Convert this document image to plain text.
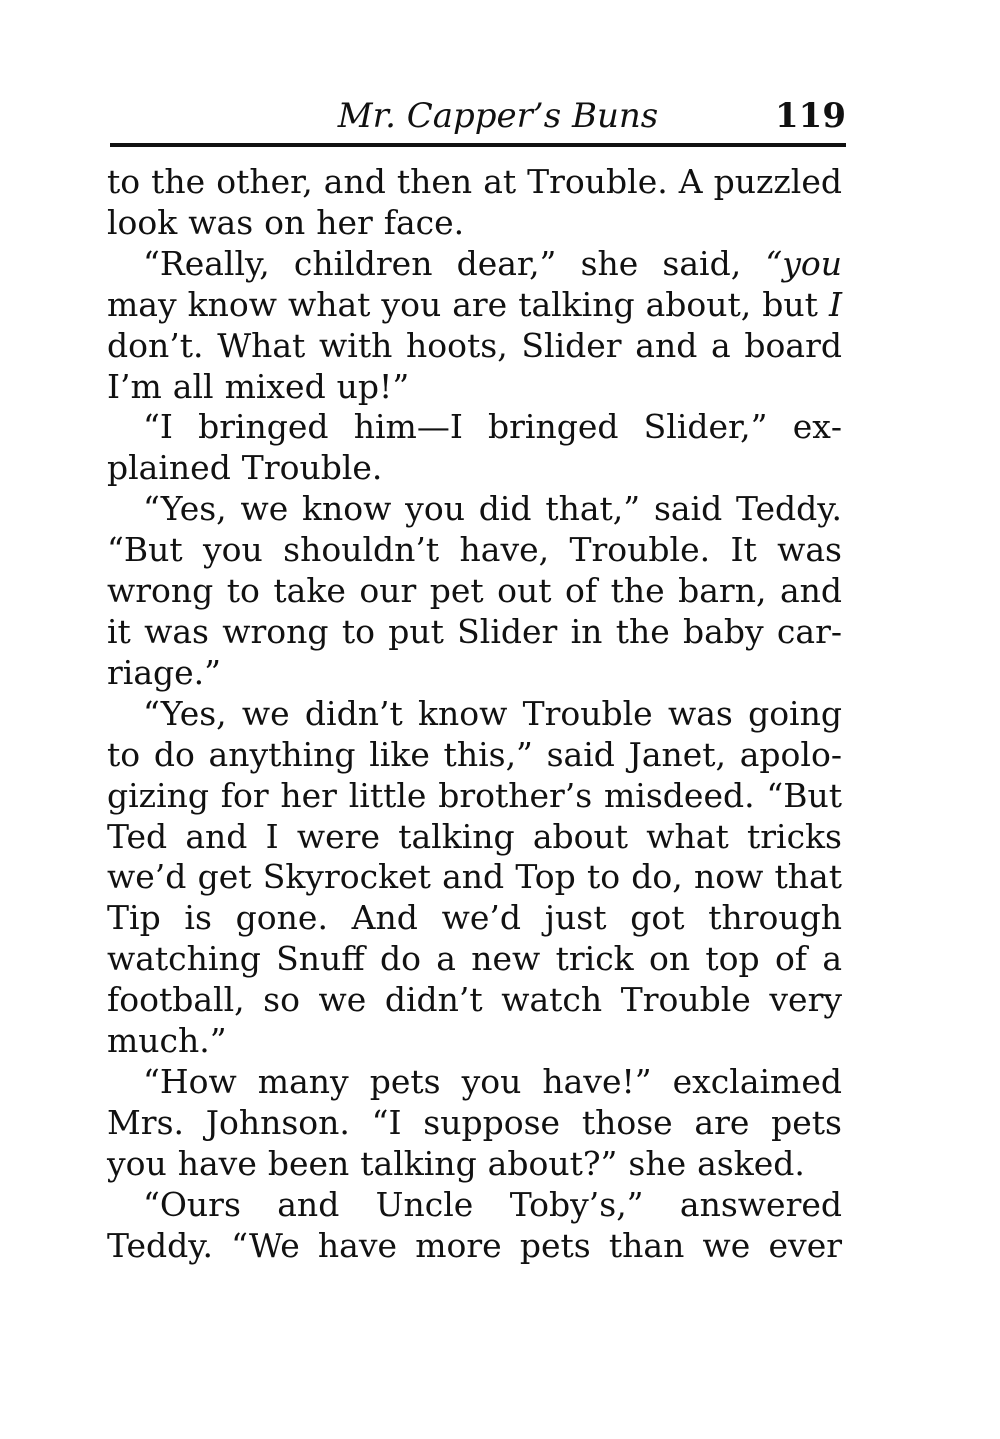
Mr. Capper’s Buns	119

to the other, and then at Trouble. A puzzled
look was on her face.

“Really, children dear,” she said, “you may know what you are talking about, but I don’t. What with hoots, Slider and a board I’m all mixed up!”

“I bringed him—I bringed Slider,” explained Trouble.

“Yes, we know you did that,” said Teddy. “But you shouldn’t have, Trouble. It was wrong to take our pet out of the barn, and it was wrong to put Slider in the baby carriage.”

“Yes, we didn’t know Trouble was going to do anything like this,” said Janet, apologizing for her little brother’s misdeed. “But Ted and I were talking about what tricks we’d get Skyrocket and Top to do, now that Tip is gone. And we’d just got through watching Snuff do a new trick on top of a football, so we didn’t watch Trouble very much.”

“How many pets you have!” exclaimed Mrs. Johnson. “I suppose those are pets you have been talking about?” she asked.

“Ours and Uncle Toby’s,” answered Teddy. “We have more pets than we ever
